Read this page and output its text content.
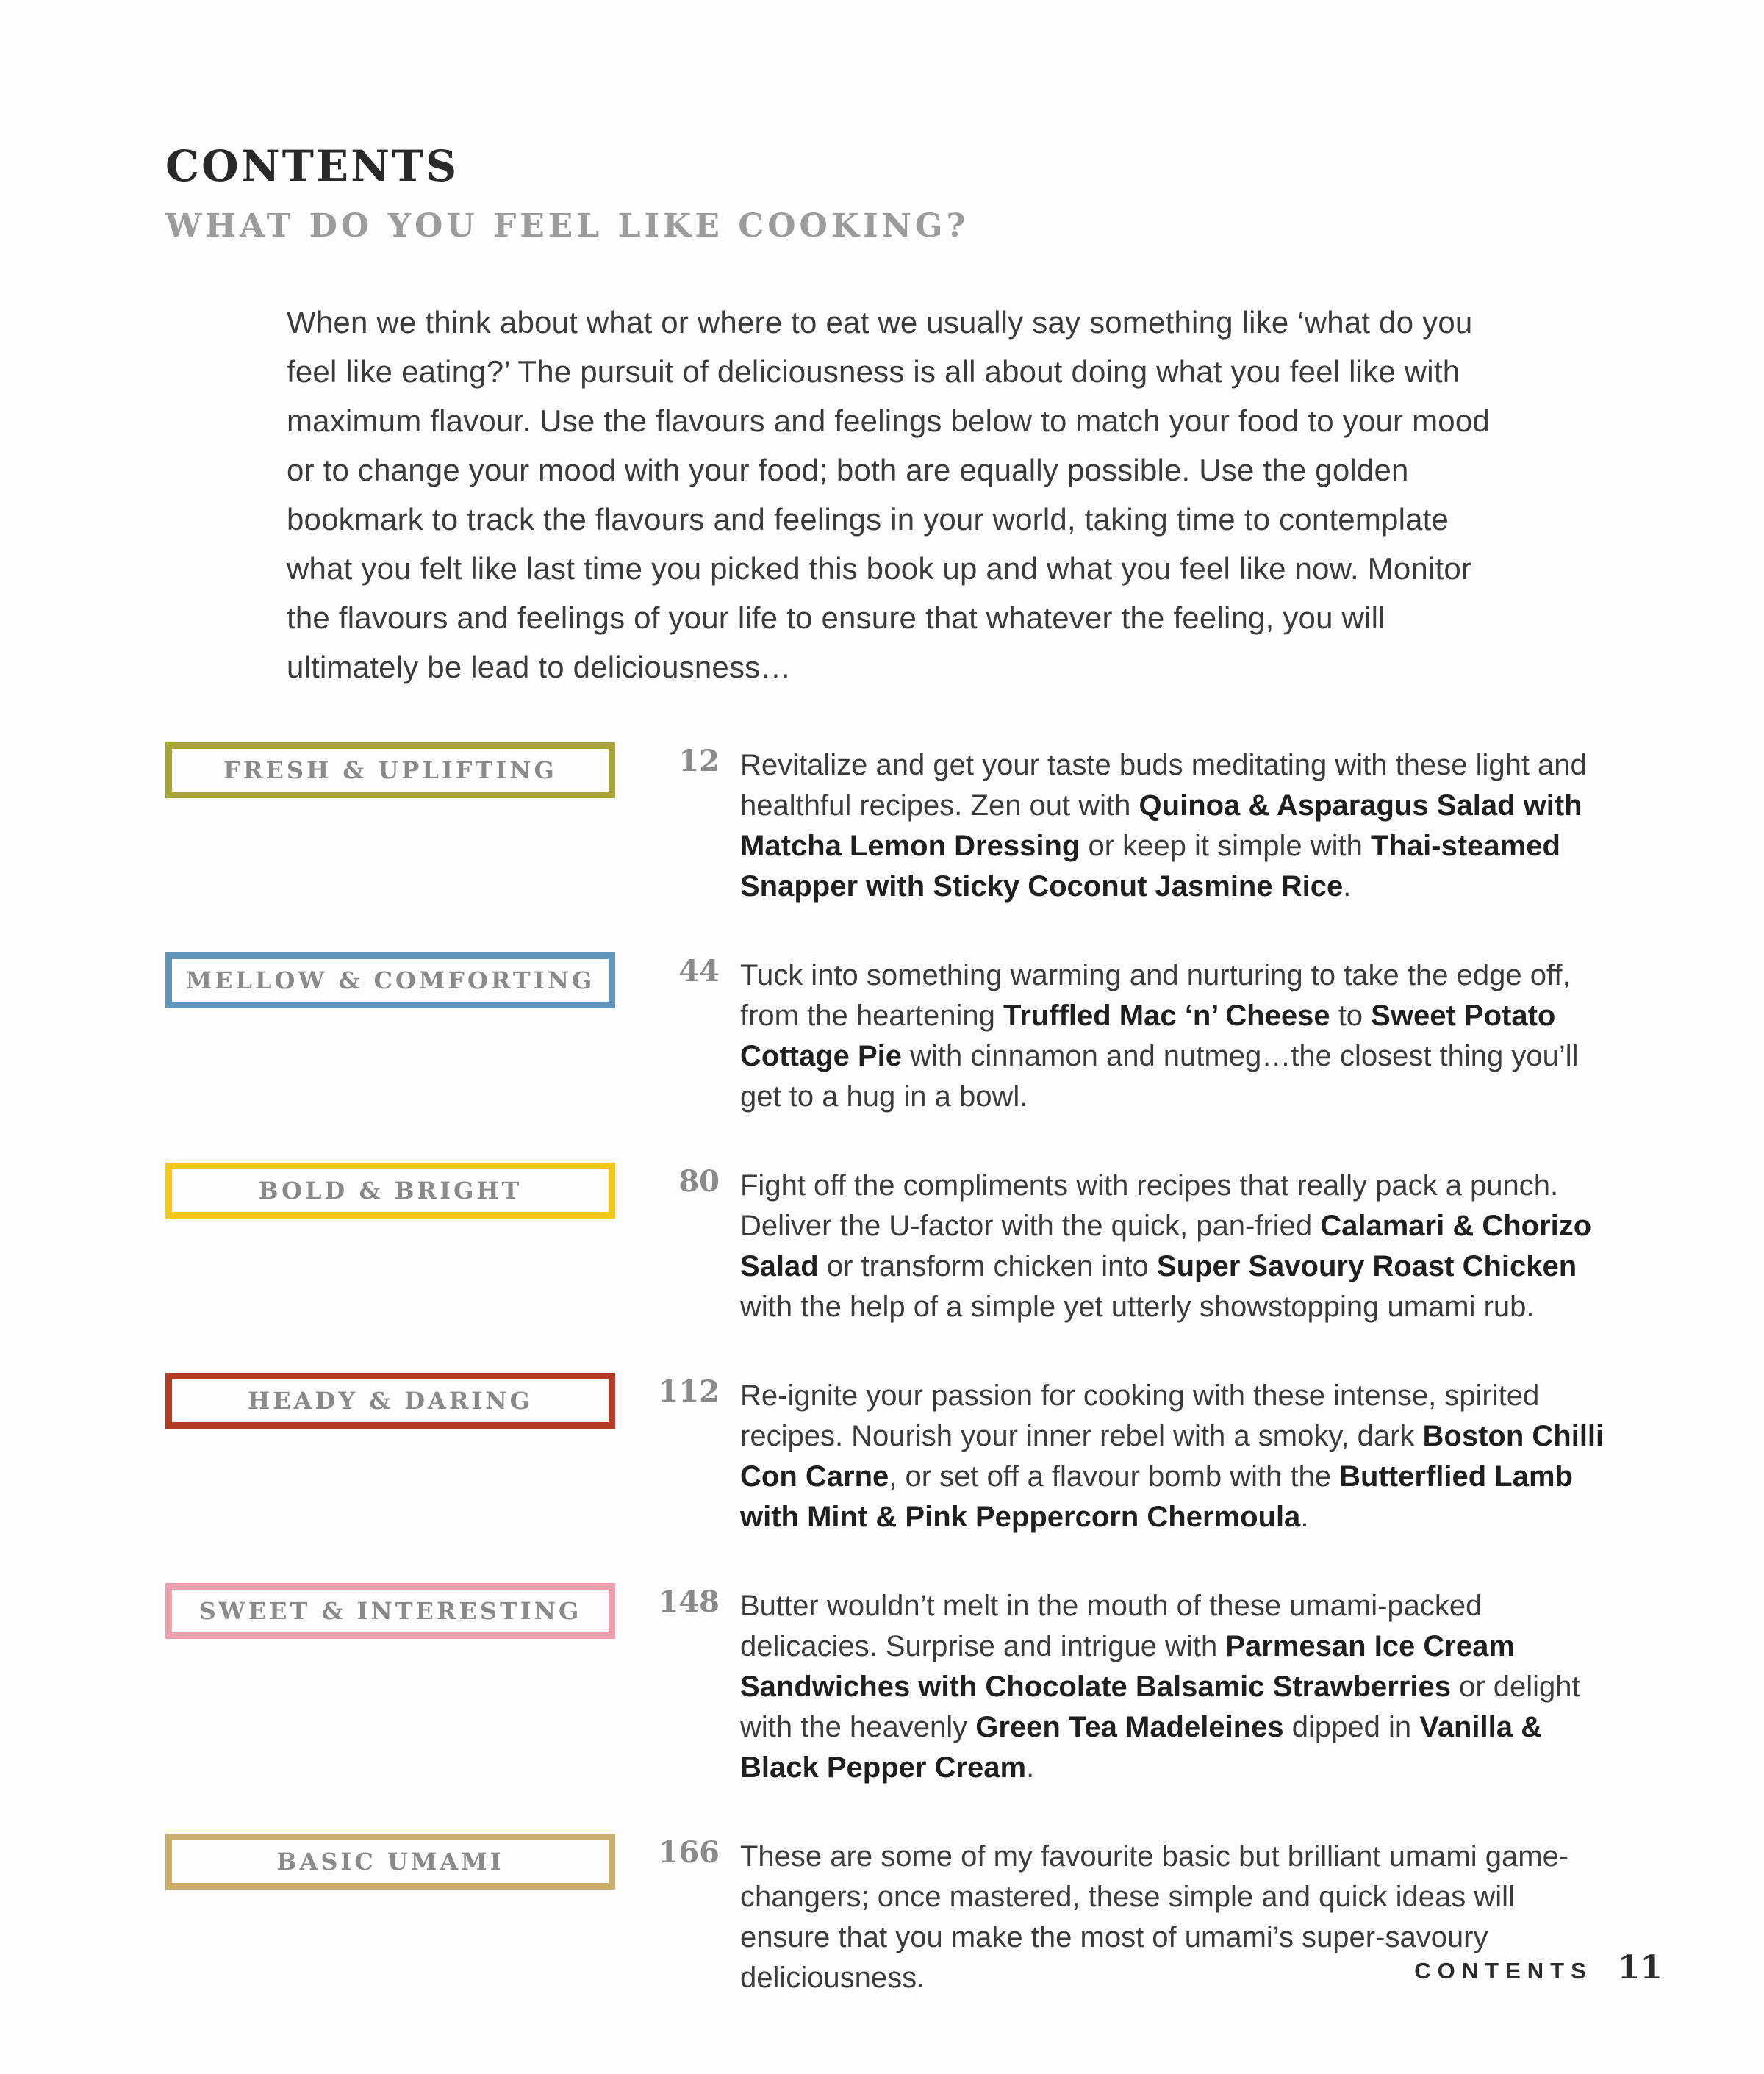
CONTENTS
WHAT DO YOU FEEL LIKE COOKING?
When we think about what or where to eat we usually say something like ‘what do you feel like eating?’ The pursuit of deliciousness is all about doing what you feel like with maximum flavour. Use the flavours and feelings below to match your food to your mood or to change your mood with your food; both are equally possible. Use the golden bookmark to track the flavours and feelings in your world, taking time to contemplate what you felt like last time you picked this book up and what you feel like now. Monitor the flavours and feelings of your life to ensure that whatever the feeling, you will ultimately be lead to deliciousness…
FRESH & UPLIFTING	12 Revitalize and get your taste buds meditating with these light and healthful recipes. Zen out with Quinoa & Asparagus Salad with Matcha Lemon Dressing or keep it simple with Thai-steamed Snapper with Sticky Coconut Jasmine Rice.
MELLOW & COMFORTING	44 Tuck into something warming and nurturing to take the edge off, from the heartening Truffled Mac ‘n’ Cheese to Sweet Potato Cottage Pie with cinnamon and nutmeg…the closest thing you’ll get to a hug in a bowl.
BOLD & BRIGHT	80 Fight off the compliments with recipes that really pack a punch. Deliver the U-factor with the quick, pan-fried Calamari & Chorizo Salad or transform chicken into Super Savoury Roast Chicken with the help of a simple yet utterly showstopping umami rub.
HEADY & DARING	112 Re-ignite your passion for cooking with these intense, spirited recipes. Nourish your inner rebel with a smoky, dark Boston Chilli Con Carne, or set off a flavour bomb with the Butterflied Lamb with Mint & Pink Peppercorn Chermoula.
SWEET & INTERESTING	148 Butter wouldn’t melt in the mouth of these umami-packed delicacies. Surprise and intrigue with Parmesan Ice Cream Sandwiches with Chocolate Balsamic Strawberries or delight with the heavenly Green Tea Madeleines dipped in Vanilla & Black Pepper Cream.
BASIC UMAMI	166 These are some of my favourite basic but brilliant umami game-changers; once mastered, these simple and quick ideas will ensure that you make the most of umami’s super-savoury deliciousness.	CONTENTS 11
